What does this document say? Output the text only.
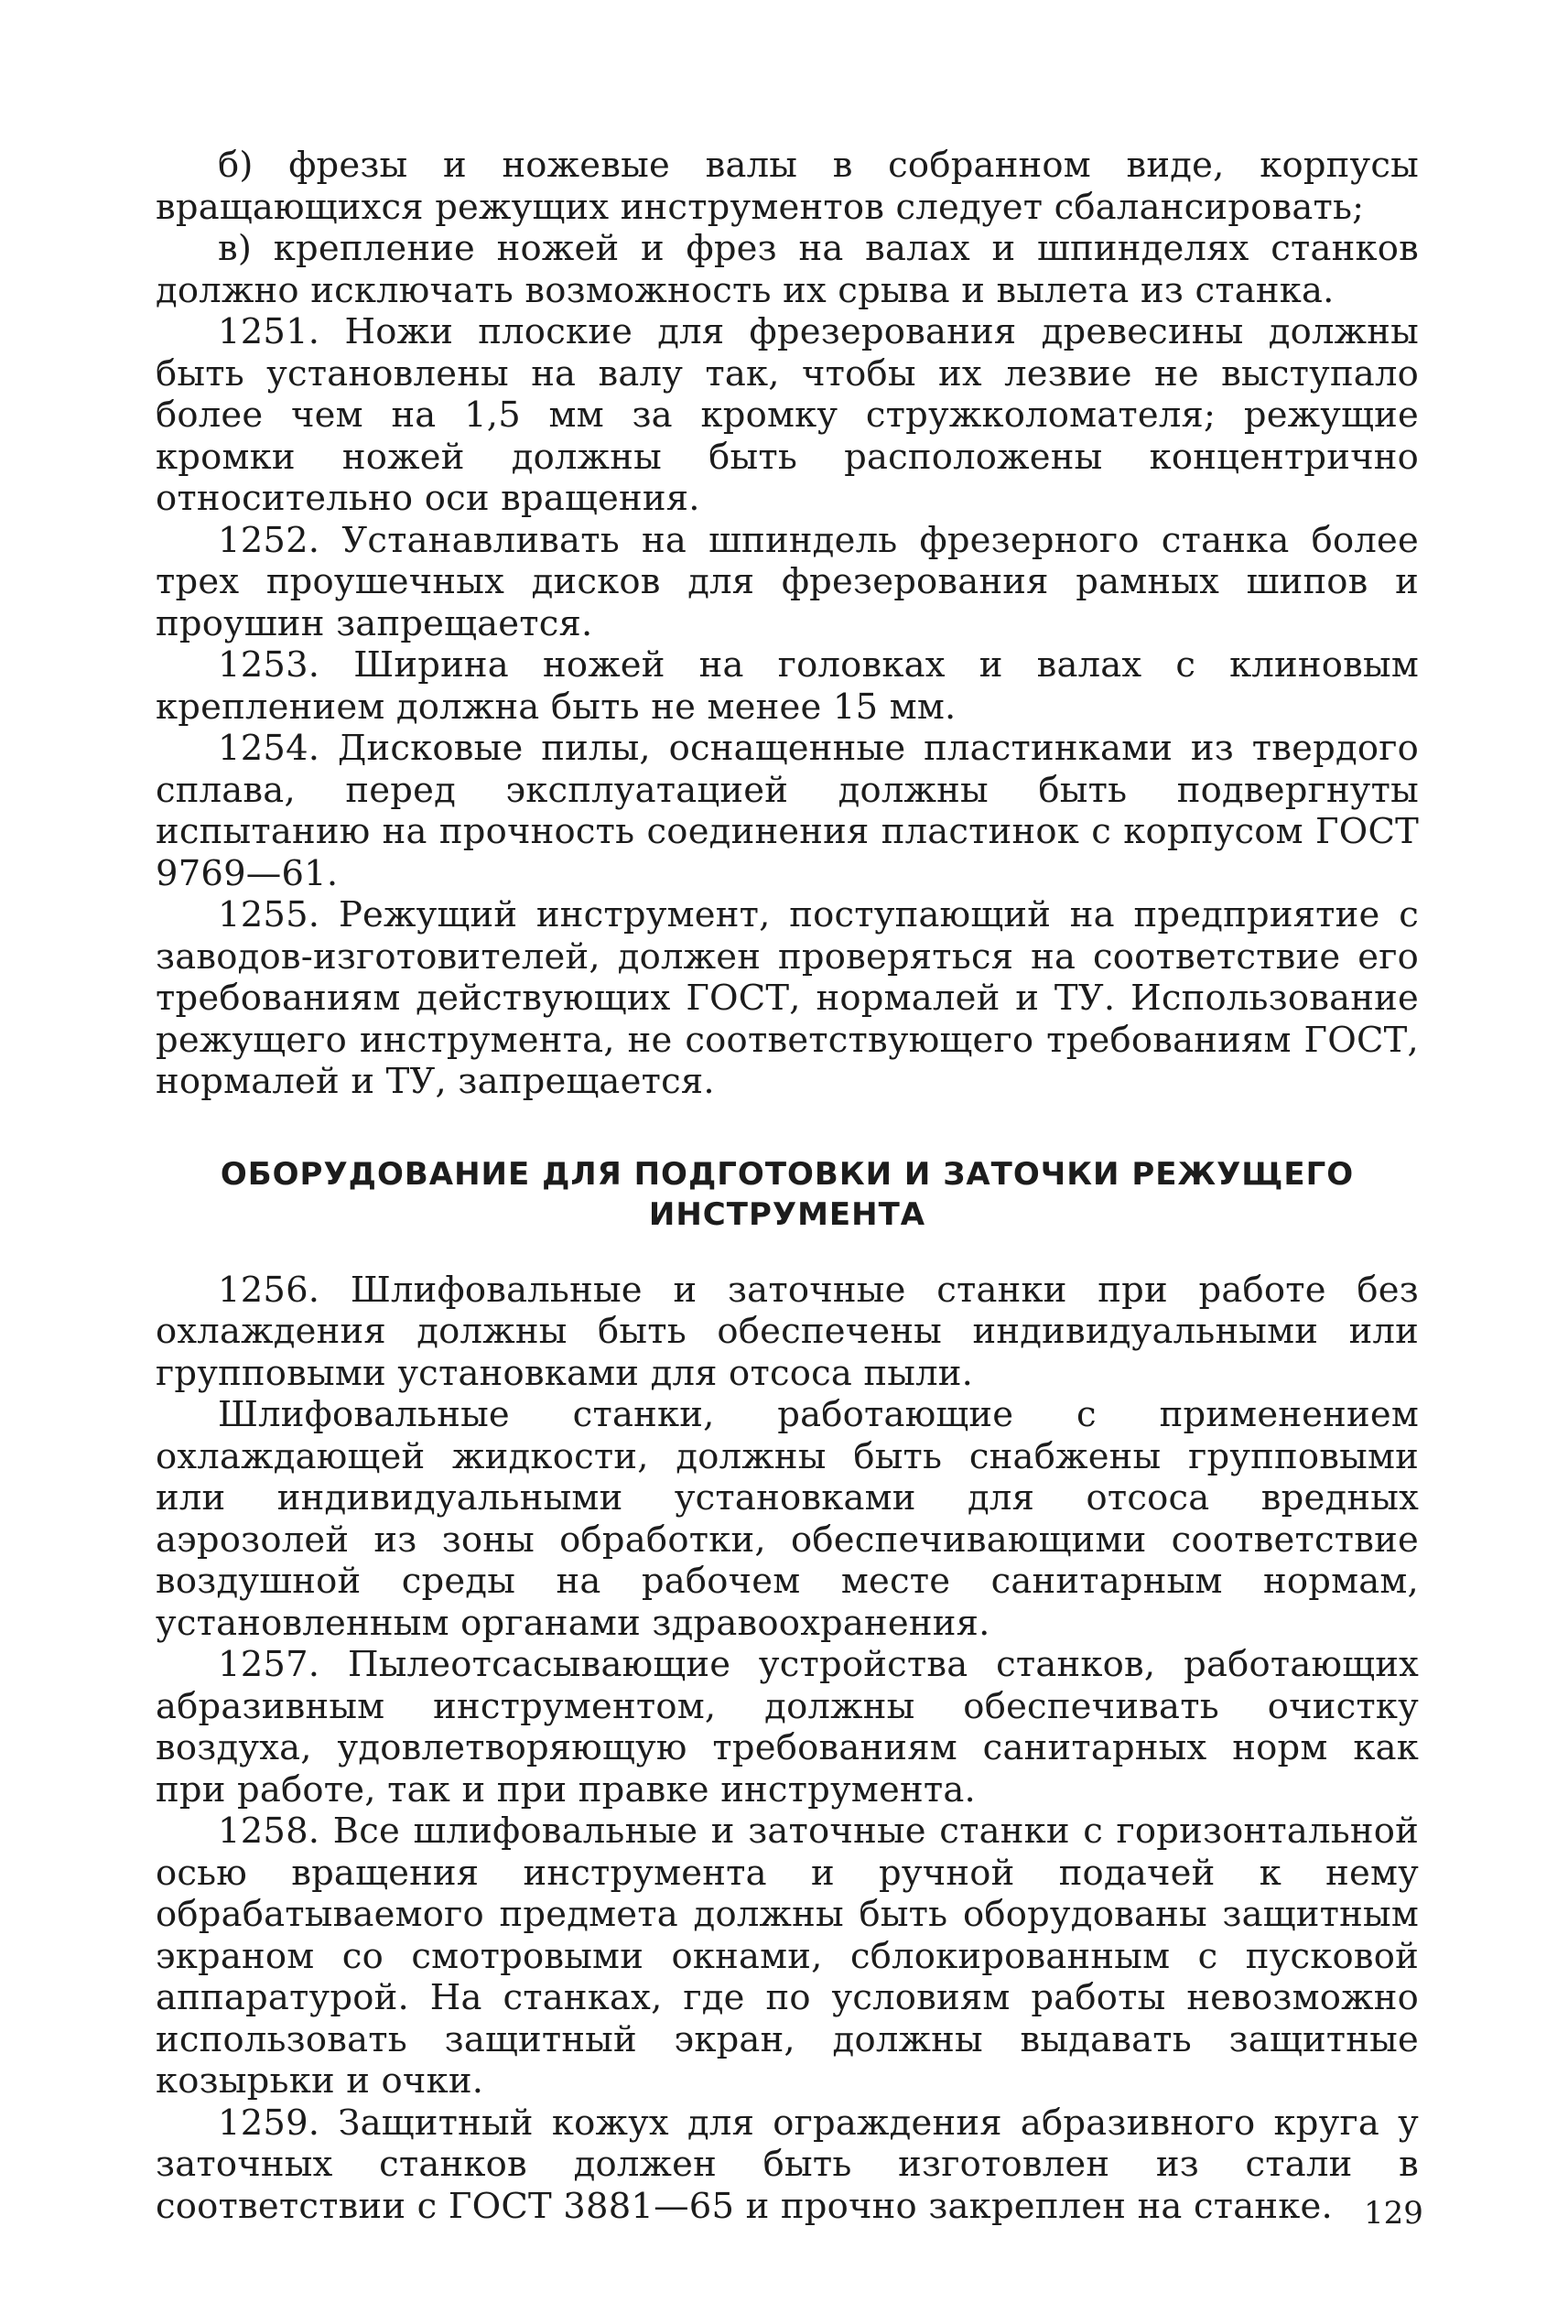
б) фрезы и ножевые валы в собранном виде, корпусы вращающихся режущих инструментов следует сбалансировать;

в) крепление ножей и фрез на валах и шпинделях станков должно исключать возможность их срыва и вылета из станка.

1251. Ножи плоские для фрезерования древесины должны быть установлены на валу так, чтобы их лезвие не выступало более чем на 1,5 мм за кромку стружколомателя; режущие кромки ножей должны быть расположены концентрично относительно оси вращения.

1252. Устанавливать на шпиндель фрезерного станка более трех проушечных дисков для фрезерования рамных шипов и проушин запрещается.

1253. Ширина ножей на головках и валах с клиновым креплением должна быть не менее 15 мм.

1254. Дисковые пилы, оснащенные пластинками из твердого сплава, перед эксплуатацией должны быть подвергнуты испытанию на прочность соединения пластинок с корпусом ГОСТ 9769—61.

1255. Режущий инструмент, поступающий на предприятие с заводов-изготовителей, должен проверяться на соответствие его требованиям действующих ГОСТ, нормалей и ТУ. Использование режущего инструмента, не соответствующего требованиям ГОСТ, нормалей и ТУ, запрещается.

ОБОРУДОВАНИЕ ДЛЯ ПОДГОТОВКИ И ЗАТОЧКИ РЕЖУЩЕГО ИНСТРУМЕНТА

1256. Шлифовальные и заточные станки при работе без охлаждения должны быть обеспечены индивидуальными или групповыми установками для отсоса пыли.

Шлифовальные станки, работающие с применением охлаждающей жидкости, должны быть снабжены групповыми или индивидуальными установками для отсоса вредных аэрозолей из зоны обработки, обеспечивающими соответствие воздушной среды на рабочем месте санитарным нормам, установленным органами здравоохранения.

1257. Пылеотсасывающие устройства станков, работающих абразивным инструментом, должны обеспечивать очистку воздуха, удовлетворяющую требованиям санитарных норм как при работе, так и при правке инструмента.

1258. Все шлифовальные и заточные станки с горизонтальной осью вращения инструмента и ручной подачей к нему обрабатываемого предмета должны быть оборудованы защитным экраном со смотровыми окнами, сблокированным с пусковой аппаратурой. На станках, где по условиям работы невозможно использовать защитный экран, должны выдавать защитные козырьки и очки.

1259. Защитный кожух для ограждения абразивного круга у заточных станков должен быть изготовлен из стали в соответствии с ГОСТ 3881—65 и прочно закреплен на станке.	129
